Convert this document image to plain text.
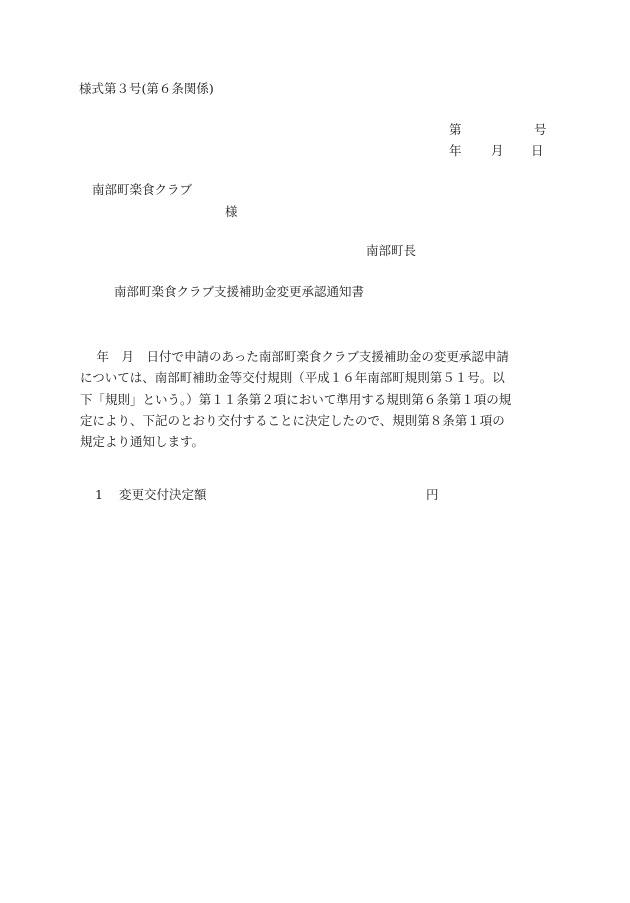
様式第３号(第６条関係)
第	号
年 月 日
南部町楽食クラブ
様
南部町長
南部町楽食クラブ支援補助金変更承認通知書
　 年　月　日付で申請のあった南部町楽食クラブ支援補助金の変更承認申請
については、南部町補助金等交付規則（平成１６年南部町規則第５１号。以
下「規則」という。）第１１条第２項において準用する規則第６条第１項の規
定により、下記のとおり交付することに決定したので、規則第８条第１項の
規定より通知します。
1 変更交付決定額	円
